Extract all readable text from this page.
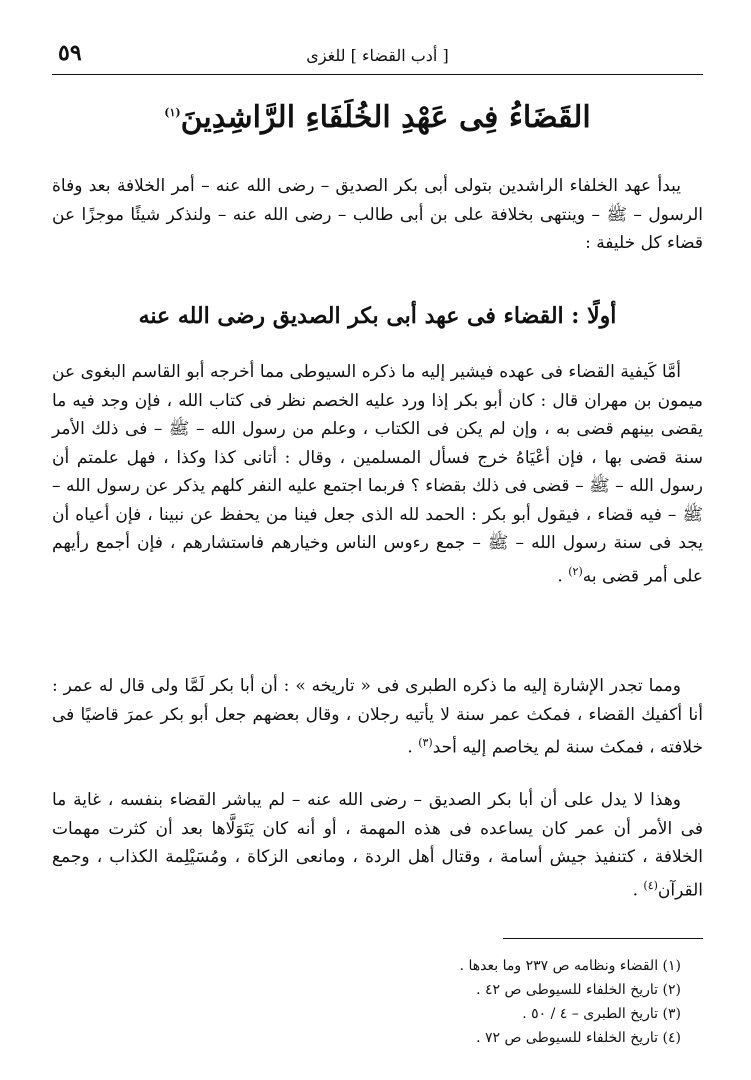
٥٩	[ أدب القضاء ] للغزى
القَضَاءُ فِى عَهْدِ الخُلَفَاءِ الرَّاشِدِينَ$^{(١)}$

يبدأ عهد الخلفاء الراشدين بتولى أبى بكر الصديق – رضى الله عنه – أمر الخلافة بعد وفاة الرسول – ﷺ – وينتهى بخلافة على بن أبى طالب – رضى الله عنه – ولنذكر شيئًا موجزًا عن قضاء كل خليفة :

أولًا : القضاء فى عهد أبى بكر الصديق رضى الله عنه

أمَّا كَيفية القضاء فى عهده فيشير إليه ما ذكره السيوطى مما أخرجه أبو القاسم البغوى عن ميمون بن مهران قال : كان أبو بكر إذا ورد عليه الخصم نظر فى كتاب الله ، فإن وجد فيه ما يقضى بينهم قضى به ، وإن لم يكن فى الكتاب ، وعلم من رسول الله – ﷺ – فى ذلك الأمر سنة قضى بها ، فإن أعْيَاهُ خرج فسأل المسلمين ، وقال : أتانى كذا وكذا ، فهل علمتم أن رسول الله – ﷺ – قضى فى ذلك بقضاء ؟ فربما اجتمع عليه النفر كلهم يذكر عن رسول الله – ﷺ – فيه قضاء ، فيقول أبو بكر : الحمد لله الذى جعل فينا من يحفظ عن نبينا ، فإن أعياه أن يجد فى سنة رسول الله – ﷺ – جمع رءوس الناس وخيارهم فاستشارهم ، فإن أجمع رأيهم على أمر قضى به$^{(٢)}$ .

ومما تجدر الإشارة إليه ما ذكره الطبرى فى « تاريخه » : أن أبا بكر لَمَّا ولى قال له عمر : أنا أكفيك القضاء ، فمكث عمر سنة لا يأتيه رجلان ، وقال بعضهم جعل أبو بكر عمرَ قاضيًا فى خلافته ، فمكث سنة لم يخاصم إليه أحد$^{(٣)}$ .

وهذا لا يدل على أن أبا بكر الصديق – رضى الله عنه – لم يباشر القضاء بنفسه ، غاية ما فى الأمر أن عمر كان يساعده فى هذه المهمة ، أو أنه كان يَتَوَلَّاها بعد أن كثرت مهمات الخلافة ، كتنفيذ جيش أسامة ، وقتال أهل الردة ، ومانعى الزكاة ، ومُسَيْلِمة الكذاب ، وجمع القرآن$^{(٤)}$ .

(١) القضاء ونظامه ص ٢٣٧ وما بعدها .
(٢) تاريخ الخلفاء للسيوطى ص ٤٢ .
(٣) تاريخ الطبرى – ٤ / ٥٠ .
(٤) تاريخ الخلفاء للسيوطى ص ٧٢ .
